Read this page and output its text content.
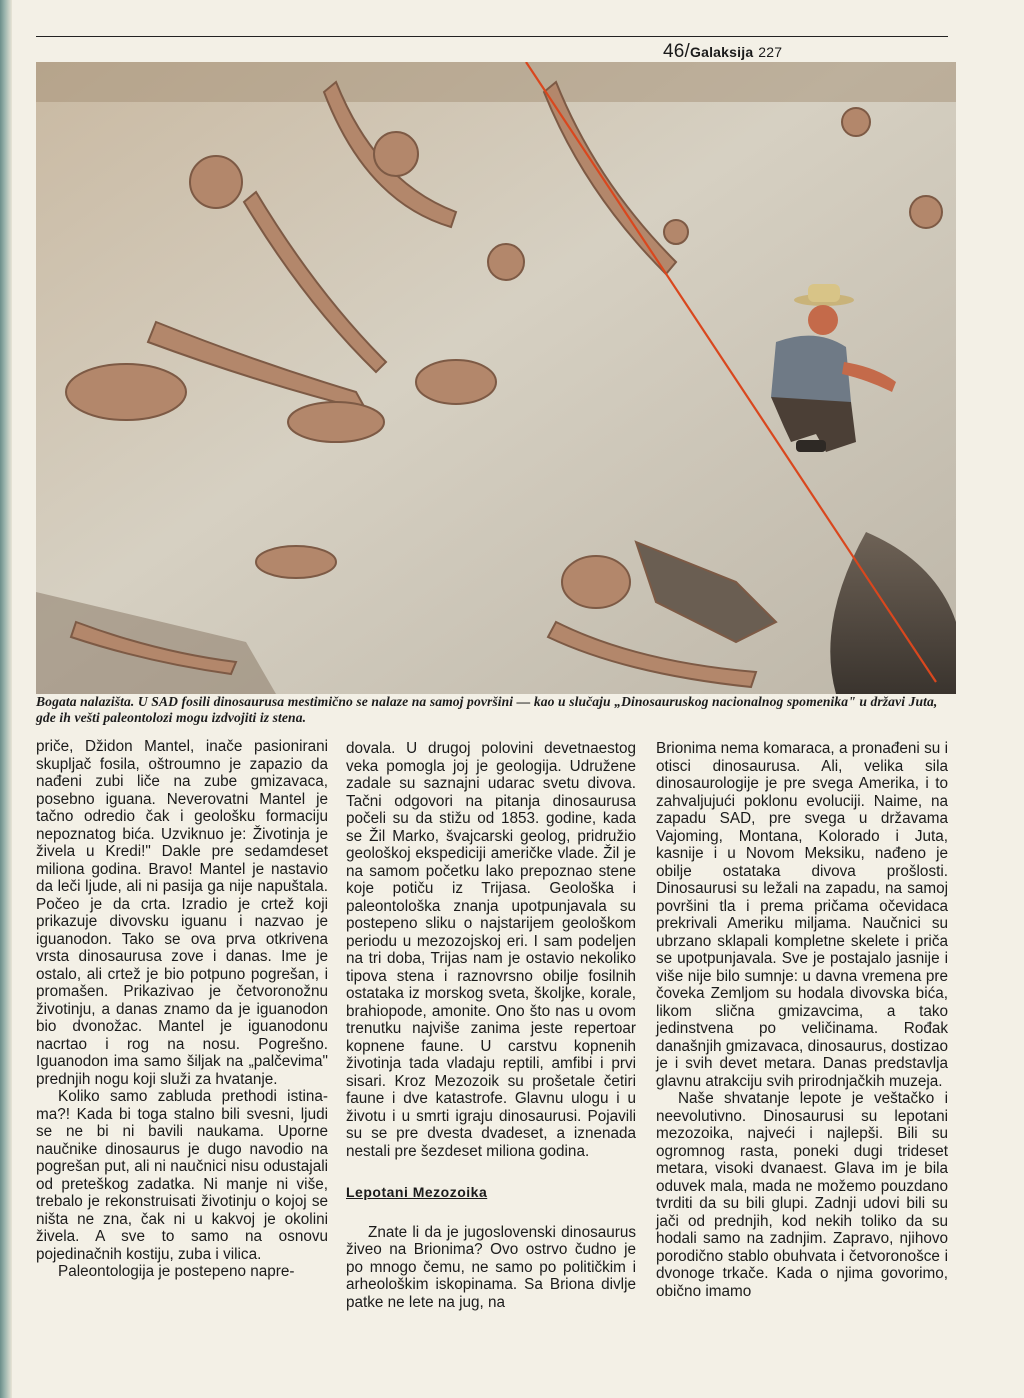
46/Galaksija 227
Bogata nalazišta. U SAD fosili dinosaurusa mestimično se nalaze na samoj površini — kao u slučaju „Dinosauruskog nacionalnog spomenika" u državi Juta, gde ih vešti paleontolozi mogu izdvojiti iz stena.

priče, Džidon Mantel, inače pasionirani skupljač fosila, oštroumno je zapazio da nađeni zubi liče na zube gmizavaca, posebno iguana. Neverovatni Mantel je tačno odredio čak i geološku formaciju nepoznatog bića. Uzviknuo je: Životinja je živela u Kredi!" Dakle pre sedamdeset miliona godina. Bravo! Mantel je nastavio da leči ljude, ali ni pasija ga nije napuštala. Počeo je da crta. Izradio je crtež koji prikazuje divovsku iguanu i nazvao je iguanodon. Tako se ova prva otkrivena vrsta dinosaurusa zove i danas. Ime je ostalo, ali crtež je bio potpuno pogrešan, i promašen. Prikazivao je četvoronožnu životinju, a danas znamo da je iguanodon bio dvonožac. Mantel je iguanodonu nacrtao i rog na nosu. Pogrešno. Iguanodon ima samo šiljak na „palčevima" prednjih nogu koji služi za hvatanje.

Koliko samo zabluda prethodi istina-ma?! Kada bi toga stalno bili svesni, ljudi se ne bi ni bavili naukama. Uporne naučnike dinosaurus je dugo navodio na pogrešan put, ali ni naučnici nisu odustajali od preteškog zadatka. Ni manje ni više, trebalo je rekonstruisati životinju o kojoj se ništa ne zna, čak ni u kakvoj je okolini živela. A sve to samo na osnovu pojedinačnih kostiju, zuba i vilica.

Paleontologija je postepeno napre-

dovala. U drugoj polovini devetnaestog veka pomogla joj je geologija. Udružene zadale su saznajni udarac svetu divova. Tačni odgovori na pitanja dinosaurusa počeli su da stižu od 1853. godine, kada se Žil Marko, švajcarski geolog, pridružio geološkoj ekspediciji američke vlade. Žil je na samom početku lako prepoznao stene koje potiču iz Trijasa. Geološka i paleontološka znanja upotpunjavala su postepeno sliku o najstarijem geološkom periodu u mezozojskoj eri. I sam podeljen na tri doba, Trijas nam je ostavio nekoliko tipova stena i raznovrsno obilje fosilnih ostataka iz morskog sveta, školjke, korale, brahiopode, amonite. Ono što nas u ovom trenutku najviše zanima jeste repertoar kopnene faune. U carstvu kopnenih životinja tada vladaju reptili, amfibi i prvi sisari. Kroz Mezozoik su prošetale četiri faune i dve katastrofe. Glavnu ulogu i u životu i u smrti igraju dinosaurusi. Pojavili su se pre dvesta dvadeset, a iznenada nestali pre šezdeset miliona godina.

Lepotani Mezozoika

Znate li da je jugoslovenski dinosaurus živeo na Brionima? Ovo ostrvo čudno je po mnogo čemu, ne samo po političkim i arheološkim iskopinama. Sa Briona divlje patke ne lete na jug, na

Brionima nema komaraca, a pronađeni su i otisci dinosaurusa. Ali, velika sila dinosaurologije je pre svega Amerika, i to zahvaljujući poklonu evoluciji. Naime, na zapadu SAD, pre svega u državama Vajoming, Montana, Kolorado i Juta, kasnije i u Novom Meksiku, nađeno je obilje ostataka divova prošlosti. Dinosaurusi su ležali na zapadu, na samoj površini tla i prema pričama očevidaca prekrivali Ameriku miljama. Naučnici su ubrzano sklapali kompletne skelete i priča se upotpunjavala. Sve je postajalo jasnije i više nije bilo sumnje: u davna vremena pre čoveka Zemljom su hodala divovska bića, likom slična gmizavcima, a tako jedinstvena po veličinama. Rođak današnjih gmizavaca, dinosaurus, dostizao je i svih devet metara. Danas predstavlja glavnu atrakciju svih prirodnjačkih muzeja.

Naše shvatanje lepote je veštačko i neevolutivno. Dinosaurusi su lepotani mezozoika, najveći i najlepši. Bili su ogromnog rasta, poneki dugi trideset metara, visoki dvanaest. Glava im je bila oduvek mala, mada ne možemo pouzdano tvrditi da su bili glupi. Zadnji udovi bili su jači od prednjih, kod nekih toliko da su hodali samo na zadnjim. Zapravo, njihovo porodično stablo obuhvata i četvoronošce i dvonoge trkače. Kada o njima govorimo, obično imamo
